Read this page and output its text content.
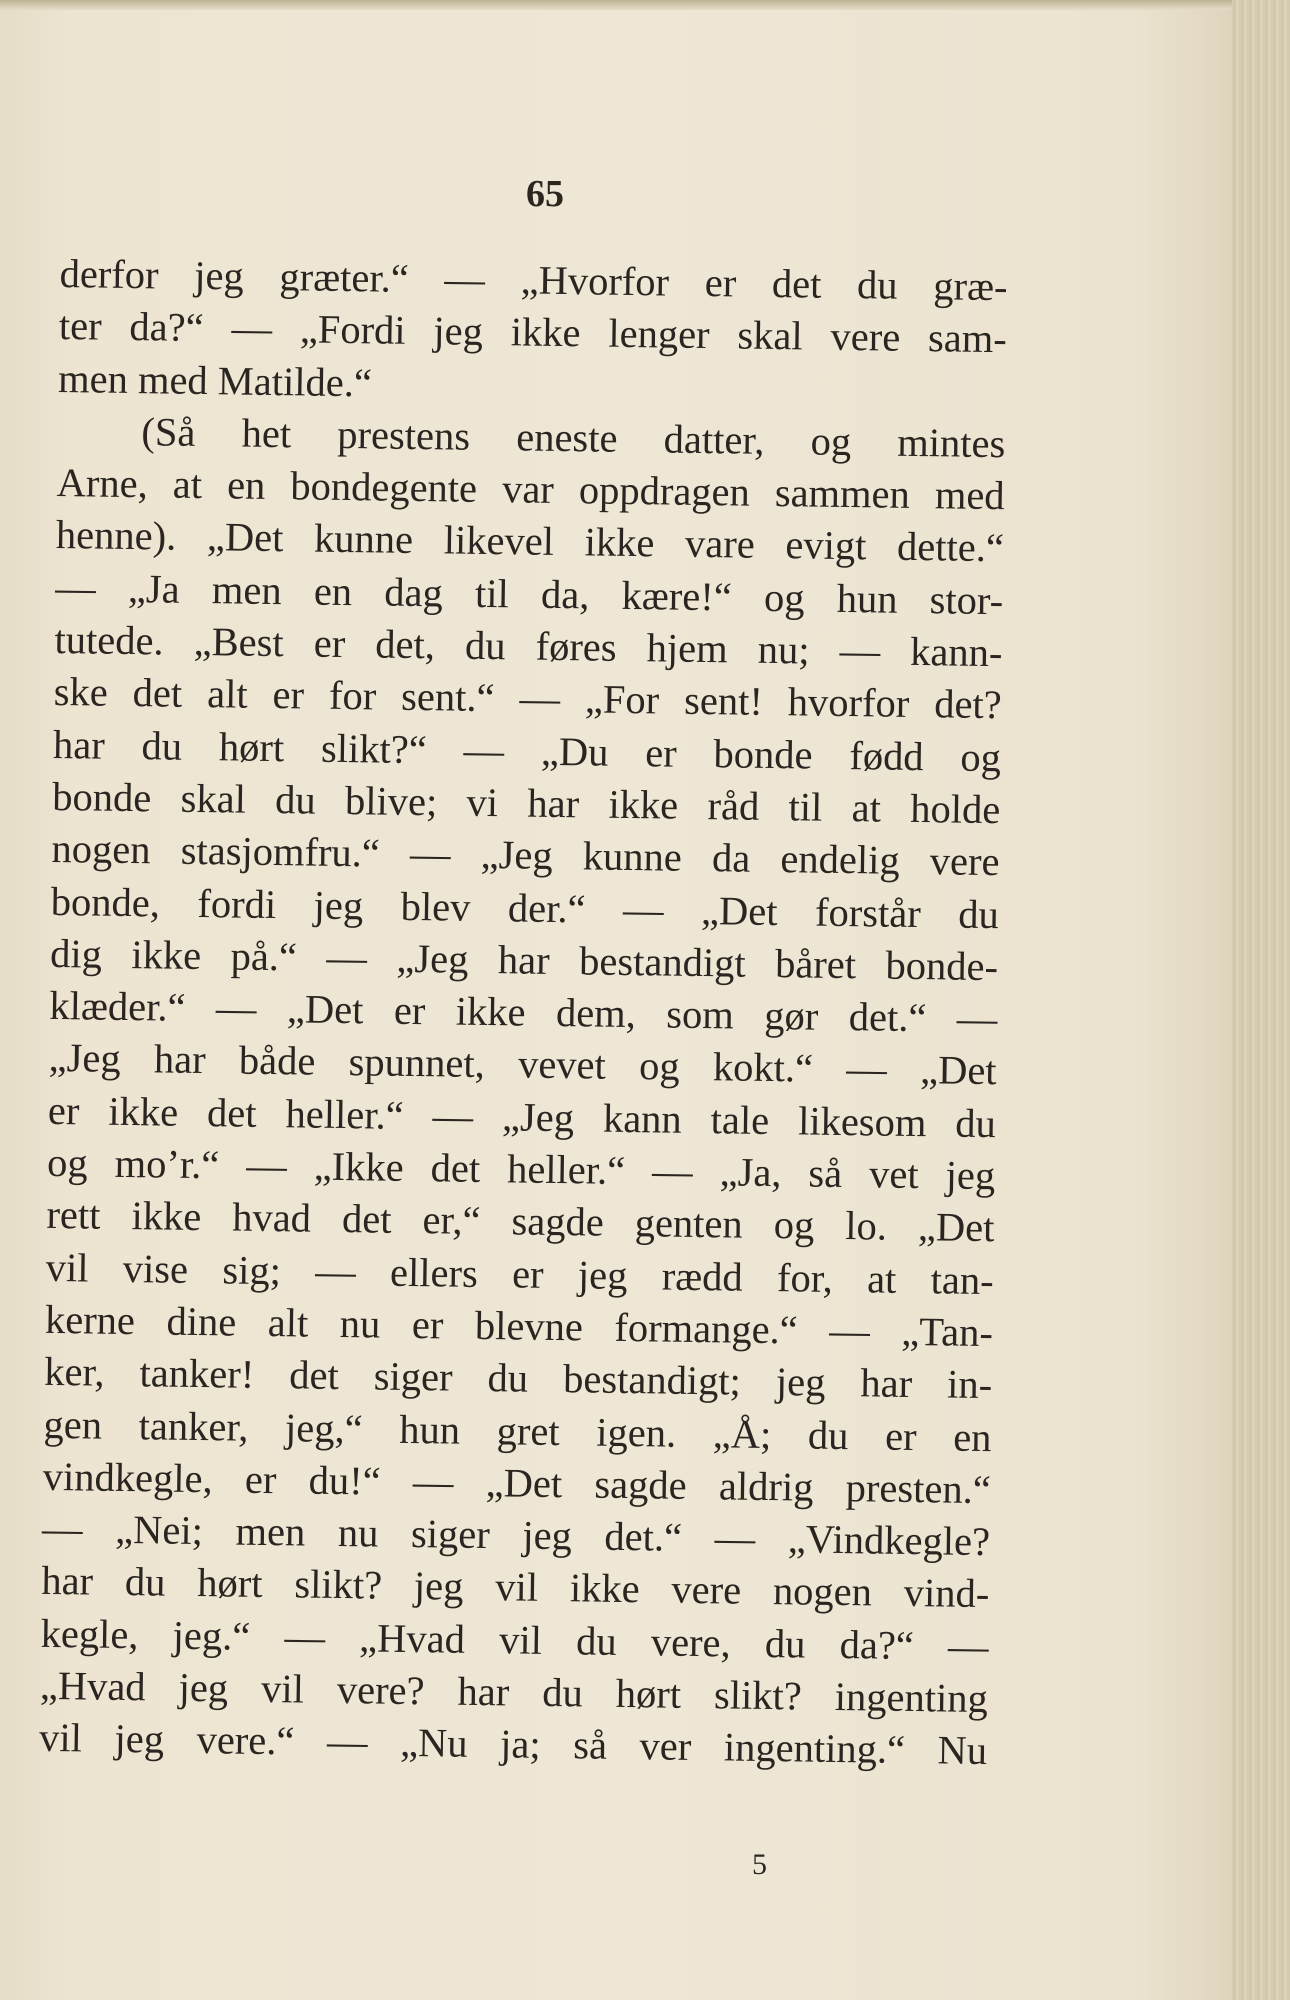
65
derfor jeg græter.“ — „Hvorfor er det du græ-
ter da?“ — „Fordi jeg ikke lenger skal vere sam-
men med Matilde.“
(Så het prestens eneste datter, og mintes
Arne, at en bondegente var oppdragen sammen med
henne). „Det kunne likevel ikke vare evigt dette.“
— „Ja men en dag til da, kære!“ og hun stor-
tutede. „Best er det, du føres hjem nu; — kann-
ske det alt er for sent.“ — „For sent! hvorfor det?
har du hørt slikt?“ — „Du er bonde fødd og
bonde skal du blive; vi har ikke råd til at holde
nogen stasjomfru.“ — „Jeg kunne da endelig vere
bonde, fordi jeg blev der.“ — „Det forstår du
dig ikke på.“ — „Jeg har bestandigt båret bonde-
klæder.“ — „Det er ikke dem, som gør det.“ —
„Jeg har både spunnet, vevet og kokt.“ — „Det
er ikke det heller.“ — „Jeg kann tale likesom du
og mo’r.“ — „Ikke det heller.“ — „Ja, så vet jeg
rett ikke hvad det er,“ sagde genten og lo. „Det
vil vise sig; — ellers er jeg rædd for, at tan-
kerne dine alt nu er blevne formange.“ — „Tan-
ker, tanker! det siger du bestandigt; jeg har in-
gen tanker, jeg,“ hun gret igen. „Å; du er en
vindkegle, er du!“ — „Det sagde aldrig presten.“
— „Nei; men nu siger jeg det.“ — „Vindkegle?
har du hørt slikt? jeg vil ikke vere nogen vind-
kegle, jeg.“ — „Hvad vil du vere, du da?“ —
„Hvad jeg vil vere? har du hørt slikt? ingenting
vil jeg vere.“ — „Nu ja; så ver ingenting.“ Nu
5
